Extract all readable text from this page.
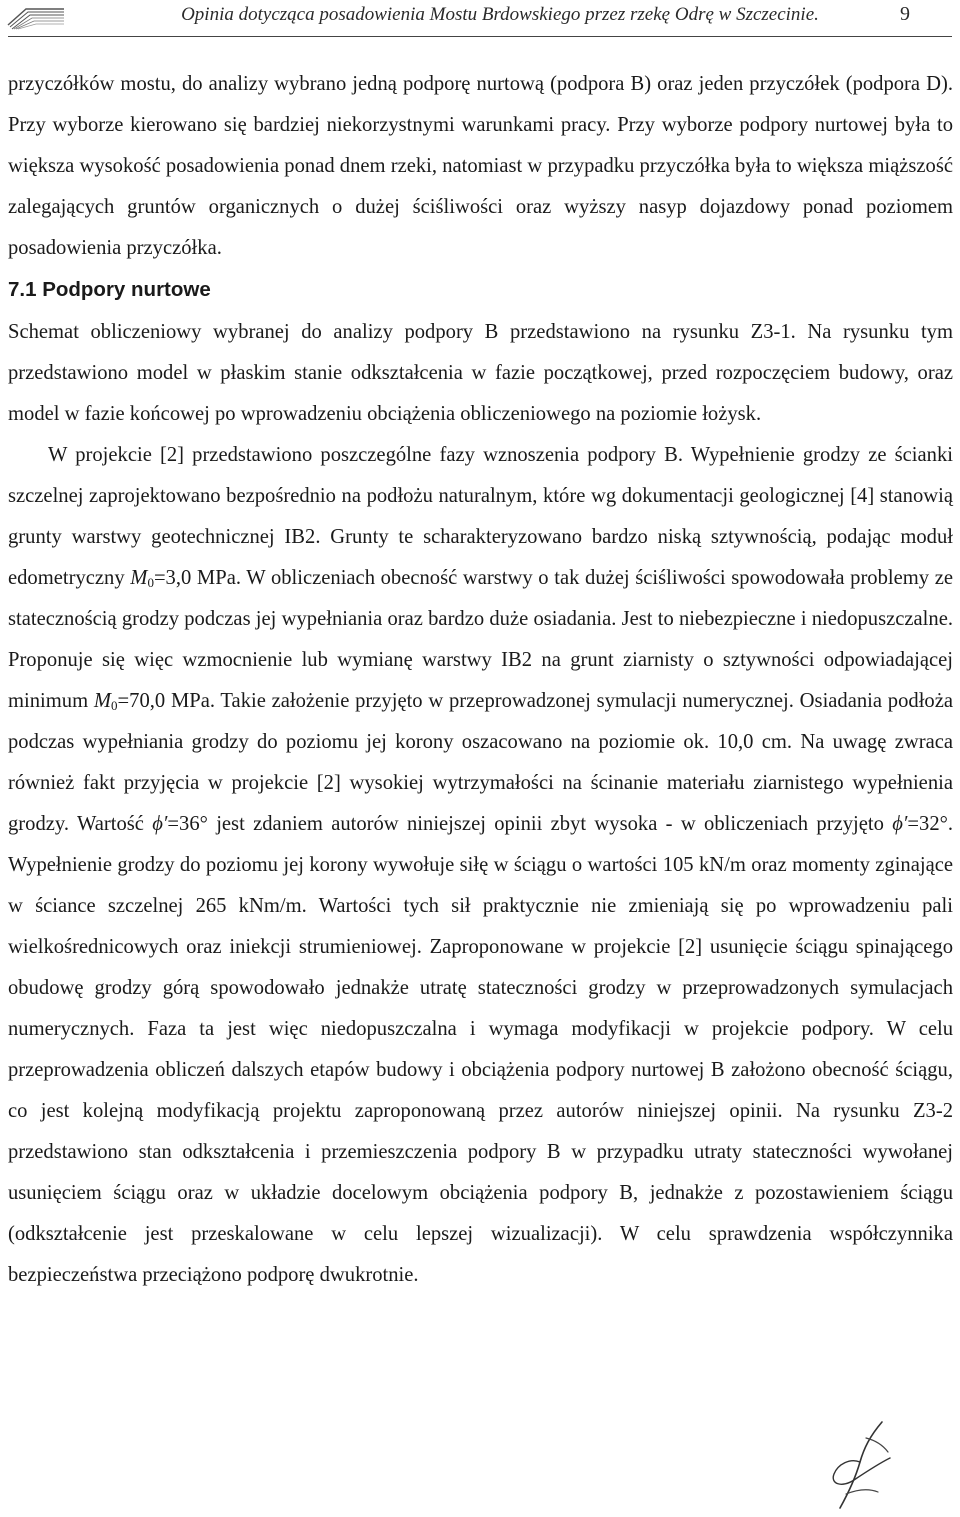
Opinia dotycząca posadowienia Mostu Brdowskiego przez rzekę Odrę w Szczecinie.	9

przyczółków mostu, do analizy wybrano jedną podporę nurtową (podpora B) oraz jeden przyczółek (podpora D). Przy wyborze kierowano się bardziej niekorzystnymi warunkami pracy. Przy wyborze podpory nurtowej była to większa wysokość posadowienia ponad dnem rzeki, natomiast w przypadku przyczółka była to większa miąższość zalegających gruntów organicznych o dużej ściśliwości oraz wyższy nasyp dojazdowy ponad poziomem posadowienia przyczółka.

7.1 Podpory nurtowe

Schemat obliczeniowy wybranej do analizy podpory B przedstawiono na rysunku Z3-1. Na rysunku tym przedstawiono model w płaskim stanie odkształcenia w fazie początkowej, przed rozpoczęciem budowy, oraz model w fazie końcowej po wprowadzeniu obciążenia obliczeniowego na poziomie łożysk.

W projekcie [2] przedstawiono poszczególne fazy wznoszenia podpory B. Wypełnienie grodzy ze ścianki szczelnej zaprojektowano bezpośrednio na podłożu naturalnym, które wg dokumentacji geologicznej [4] stanowią grunty warstwy geotechnicznej IB2. Grunty te scharakteryzowano bardzo niską sztywnością, podając moduł edometryczny $M_0=3,0$ MPa. W obliczeniach obecność warstwy o tak dużej ściśliwości spowodowała problemy ze statecznością grodzy podczas jej wypełniania oraz bardzo duże osiadania. Jest to niebezpieczne i niedopuszczalne. Proponuje się więc wzmocnienie lub wymianę warstwy IB2 na grunt ziarnisty o sztywności odpowiadającej minimum $M_0=70,0$ MPa. Takie założenie przyjęto w przeprowadzonej symulacji numerycznej. Osiadania podłoża podczas wypełniania grodzy do poziomu jej korony oszacowano na poziomie ok. 10,0 cm. Na uwagę zwraca również fakt przyjęcia w projekcie [2] wysokiej wytrzymałości na ścinanie materiału ziarnistego wypełnienia grodzy. Wartość ϕ′=36° jest zdaniem autorów niniejszej opinii zbyt wysoka - w obliczeniach przyjęto ϕ′=32°. Wypełnienie grodzy do poziomu jej korony wywołuje siłę w ściągu o wartości 105 kN/m oraz momenty zginające w ściance szczelnej 265 kNm/m. Wartości tych sił praktycznie nie zmieniają się po wprowadzeniu pali wielkośrednicowych oraz iniekcji strumieniowej. Zaproponowane w projekcie [2] usunięcie ściągu spinającego obudowę grodzy górą spowodowało jednakże utratę stateczności grodzy w przeprowadzonych symulacjach numerycznych. Faza ta jest więc niedopuszczalna i wymaga modyfikacji w projekcie podpory. W celu przeprowadzenia obliczeń dalszych etapów budowy i obciążenia podpory nurtowej B założono obecność ściągu, co jest kolejną modyfikacją projektu zaproponowaną przez autorów niniejszej opinii. Na rysunku Z3-2 przedstawiono stan odkształcenia i przemieszczenia podpory B w przypadku utraty stateczności wywołanej usunięciem ściągu oraz w układzie docelowym obciążenia podpory B, jednakże z pozostawieniem ściągu (odkształcenie jest przeskalowane w celu lepszej wizualizacji). W celu sprawdzenia współczynnika bezpieczeństwa przeciążono podporę dwukrotnie.
